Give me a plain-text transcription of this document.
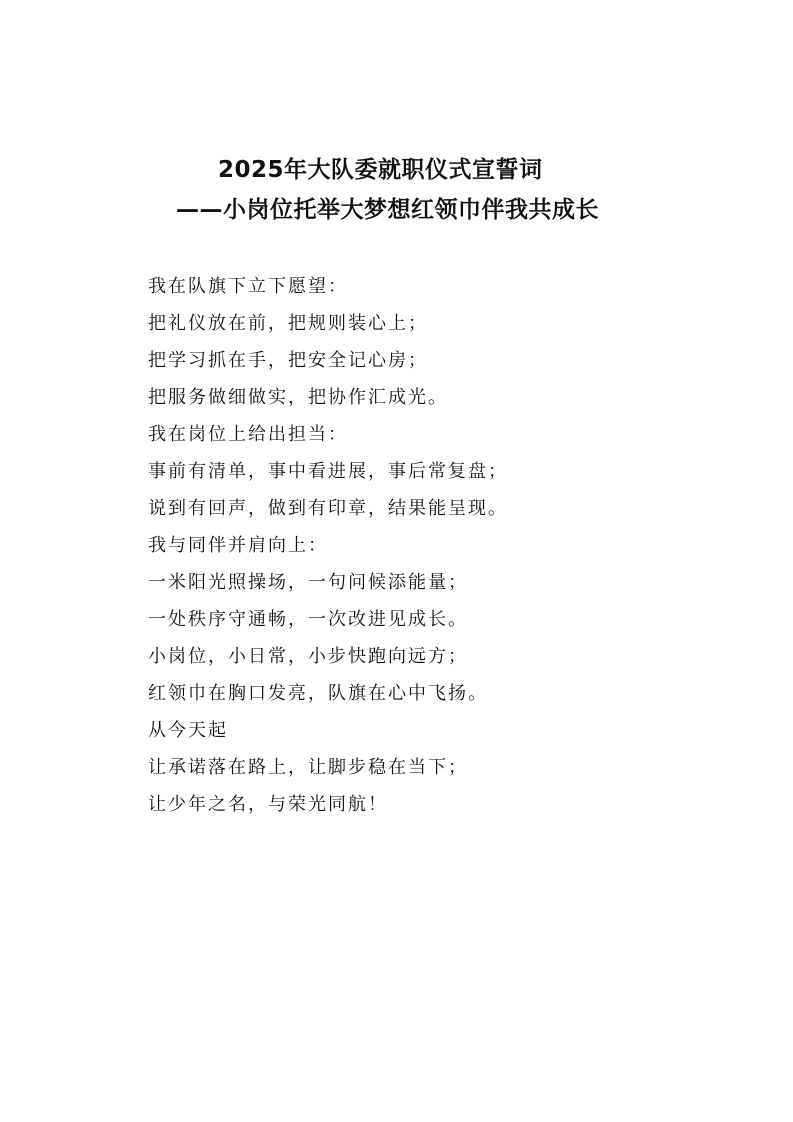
2025年大队委就职仪式宣誓词
——小岗位托举大梦想红领巾伴我共成长
我在队旗下立下愿望：
把礼仪放在前，把规则装心上；
把学习抓在手，把安全记心房；
把服务做细做实，把协作汇成光。
我在岗位上给出担当：
事前有清单，事中看进展，事后常复盘；
说到有回声，做到有印章，结果能呈现。
我与同伴并肩向上：
一米阳光照操场，一句问候添能量；
一处秩序守通畅，一次改进见成长。
小岗位，小日常，小步快跑向远方；
红领巾在胸口发亮，队旗在心中飞扬。
从今天起
让承诺落在路上，让脚步稳在当下；
让少年之名，与荣光同航！
